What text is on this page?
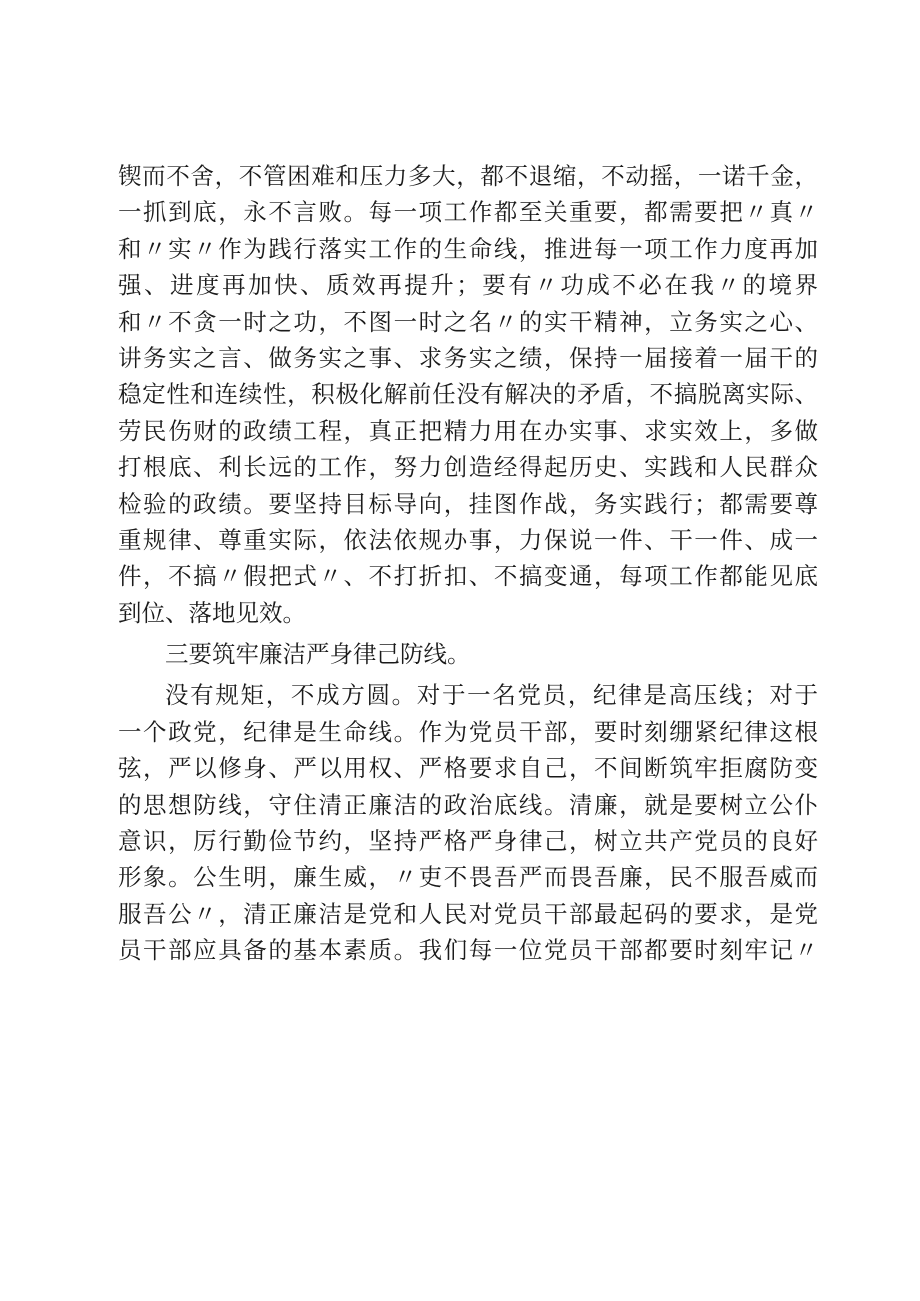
锲而不舍，不管困难和压力多大，都不退缩，不动摇，一诺千金，
一抓到底，永不言败。每一项工作都至关重要，都需要把〃真〃
和〃实〃作为践行落实工作的生命线，推进每一项工作力度再加
强、进度再加快、质效再提升；要有〃功成不必在我〃的境界
和〃不贪一时之功，不图一时之名〃的实干精神，立务实之心、
讲务实之言、做务实之事、求务实之绩，保持一届接着一届干的
稳定性和连续性，积极化解前任没有解决的矛盾，不搞脱离实际、
劳民伤财的政绩工程，真正把精力用在办实事、求实效上，多做
打根底、利长远的工作，努力创造经得起历史、实践和人民群众
检验的政绩。要坚持目标导向，挂图作战，务实践行；都需要尊
重规律、尊重实际，依法依规办事，力保说一件、干一件、成一
件，不搞〃假把式〃、不打折扣、不搞变通，每项工作都能见底
到位、落地见效。
三要筑牢廉洁严身律己防线。
没有规矩，不成方圆。对于一名党员，纪律是高压线；对于
一个政党，纪律是生命线。作为党员干部，要时刻绷紧纪律这根
弦，严以修身、严以用权、严格要求自己，不间断筑牢拒腐防变
的思想防线，守住清正廉洁的政治底线。清廉，就是要树立公仆
意识，厉行勤俭节约，坚持严格严身律己，树立共产党员的良好
形象。公生明，廉生威，〃吏不畏吾严而畏吾廉，民不服吾威而
服吾公〃，清正廉洁是党和人民对党员干部最起码的要求，是党
员干部应具备的基本素质。我们每一位党员干部都要时刻牢记〃
